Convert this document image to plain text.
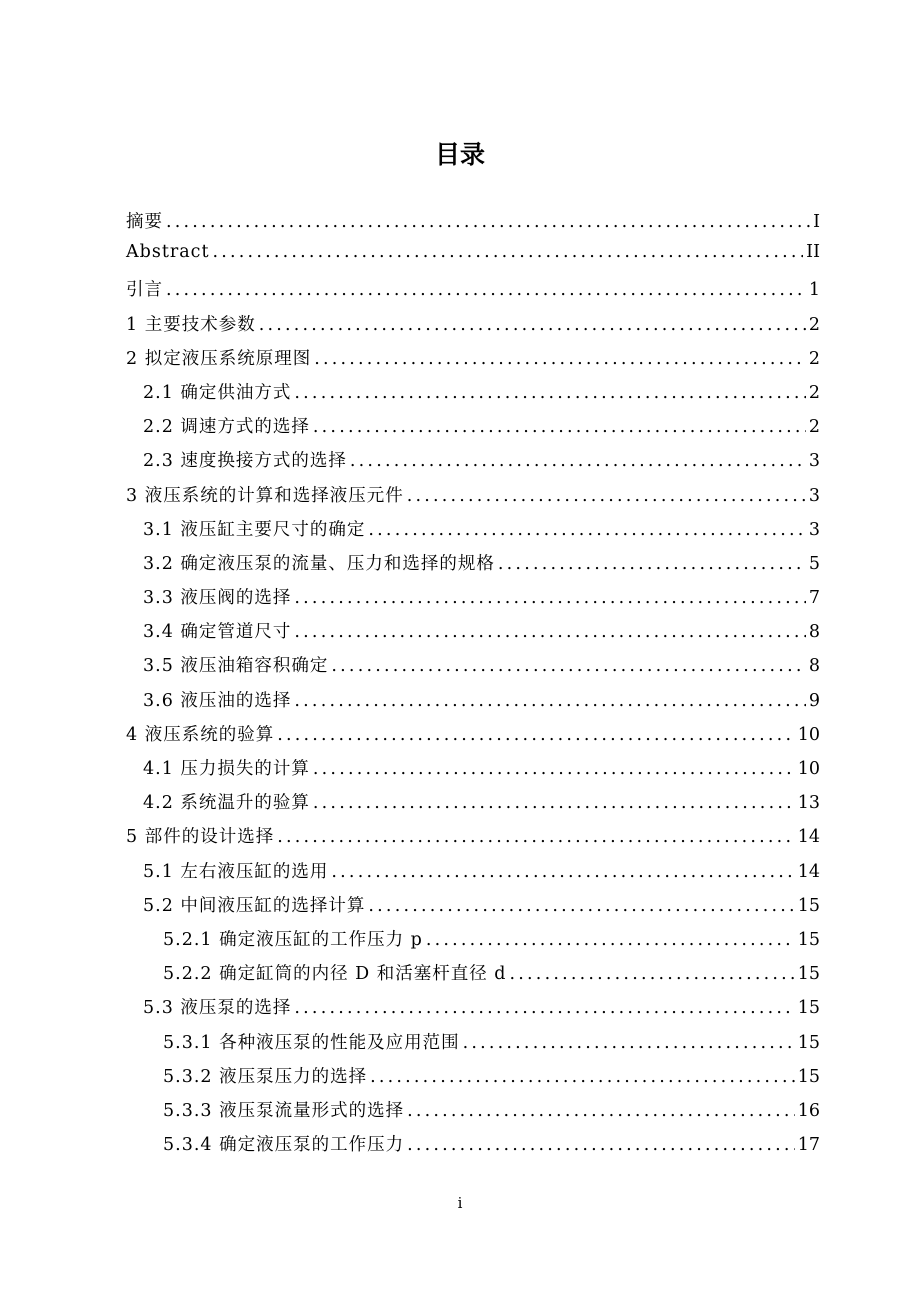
目录
摘要 .....	I
Abstract .....	II
引言 .....	1
1 主要技术参数 .....	2
2 拟定液压系统原理图 .....	2
2.1 确定供油方式 .....	2
2.2 调速方式的选择 .....	2
2.3 速度换接方式的选择 .....	3
3 液压系统的计算和选择液压元件 .....	3
3.1 液压缸主要尺寸的确定 .....	3
3.2 确定液压泵的流量、压力和选择的规格 .....	5
3.3 液压阀的选择 .....	7
3.4 确定管道尺寸 .....	8
3.5 液压油箱容积确定 .....	8
3.6 液压油的选择 .....	9
4 液压系统的验算 .....	10
4.1 压力损失的计算 .....	10
4.2 系统温升的验算 .....	13
5 部件的设计选择 .....	14
5.1 左右液压缸的选用 .....	14
5.2 中间液压缸的选择计算 .....	15
5.2.1 确定液压缸的工作压力 p .....	15
5.2.2 确定缸筒的内径 D 和活塞杆直径 d .....	15
5.3 液压泵的选择 .....	15
5.3.1 各种液压泵的性能及应用范围 .....	15
5.3.2 液压泵压力的选择 .....	15
5.3.3 液压泵流量形式的选择 .....	16
5.3.4 确定液压泵的工作压力 .....	17
i
